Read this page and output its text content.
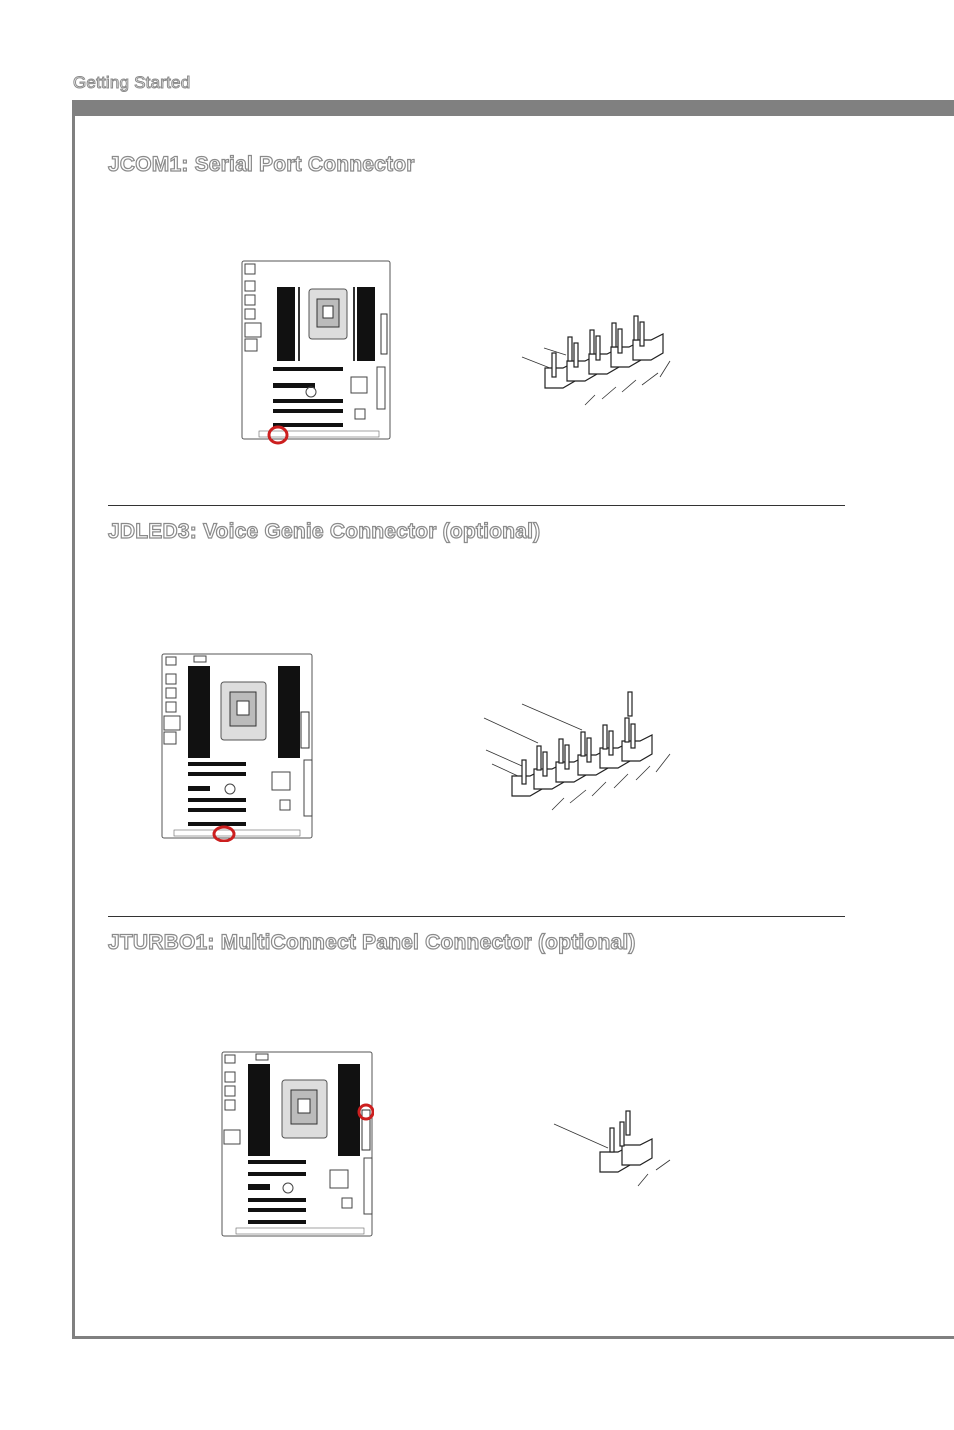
Getting Started
JCOM1: Serial Port Connector
JDLED3: Voice Genie Connector (optional)
JTURBO1: MultiConnect Panel Connector (optional)
